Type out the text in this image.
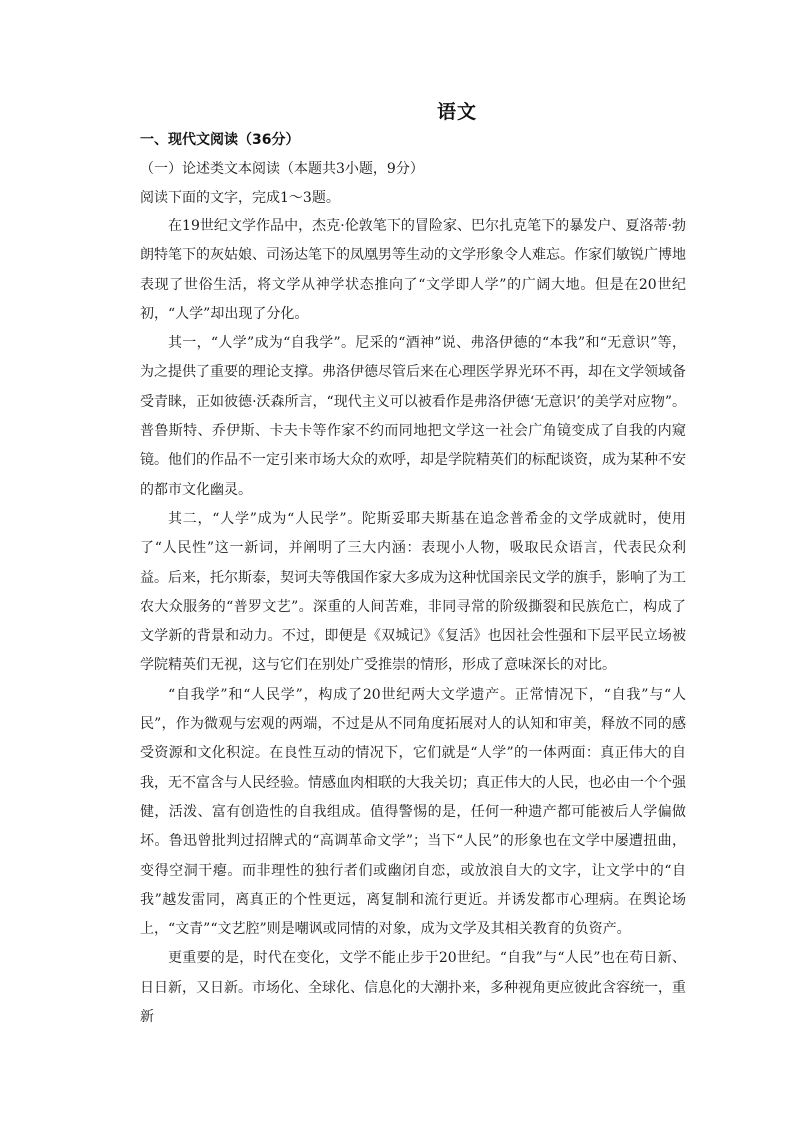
语文
一、现代文阅读（36分）
（一）论述类文本阅读（本题共3小题，9分）
阅读下面的文字，完成1～3题。

在19世纪文学作品中，杰克·伦敦笔下的冒险家、巴尔扎克笔下的暴发户、夏洛蒂·勃朗特笔下的灰姑娘、司汤达笔下的凤凰男等生动的文学形象令人难忘。作家们敏锐广博地表现了世俗生活，将文学从神学状态推向了“文学即人学”的广阔大地。但是在20世纪初，“人学”却出现了分化。

其一，“人学”成为“自我学”。尼采的“酒神”说、弗洛伊德的“本我”和“无意识”等，为之提供了重要的理论支撑。弗洛伊德尽管后来在心理医学界光环不再，却在文学领域备受青睐，正如彼德·沃森所言，“现代主义可以被看作是弗洛伊德‘无意识’的美学对应物”。普鲁斯特、乔伊斯、卡夫卡等作家不约而同地把文学这一社会广角镜变成了自我的内窥镜。他们的作品不一定引来市场大众的欢呼，却是学院精英们的标配谈资，成为某种不安的都市文化幽灵。

其二，“人学”成为“人民学”。陀斯妥耶夫斯基在追念普希金的文学成就时，使用了“人民性”这一新词，并阐明了三大内涵：表现小人物，吸取民众语言，代表民众利益。后来，托尔斯泰，契诃夫等俄国作家大多成为这种忧国亲民文学的旗手，影响了为工农大众服务的“普罗文艺”。深重的人间苦难，非同寻常的阶级撕裂和民族危亡，构成了文学新的背景和动力。不过，即便是《双城记》《复活》也因社会性强和下层平民立场被学院精英们无视，这与它们在别处广受推崇的情形，形成了意味深长的对比。

“自我学”和“人民学”，构成了20世纪两大文学遗产。正常情况下，“自我”与“人民”，作为微观与宏观的两端，不过是从不同角度拓展对人的认知和审美，释放不同的感受资源和文化积淀。在良性互动的情况下，它们就是“人学”的一体两面：真正伟大的自我，无不富含与人民经验。情感血肉相联的大我关切；真正伟大的人民，也必由一个个强健，活泼、富有创造性的自我组成。值得警惕的是，任何一种遗产都可能被后人学偏做坏。鲁迅曾批判过招牌式的“高调革命文学”；当下“人民”的形象也在文学中屡遭扭曲，变得空洞干瘪。而非理性的独行者们或幽闭自恋，或放浪自大的文字，让文学中的“自我”越发雷同，离真正的个性更远，离复制和流行更近。并诱发都市心理病。在舆论场上，“文青”“文艺腔”则是嘲讽或同情的对象，成为文学及其相关教育的负资产。

更重要的是，时代在变化，文学不能止步于20世纪。“自我”与“人民”也在苟日新、日日新，又日新。市场化、全球化、信息化的大潮扑来，多种视角更应彼此含容统一，重新
